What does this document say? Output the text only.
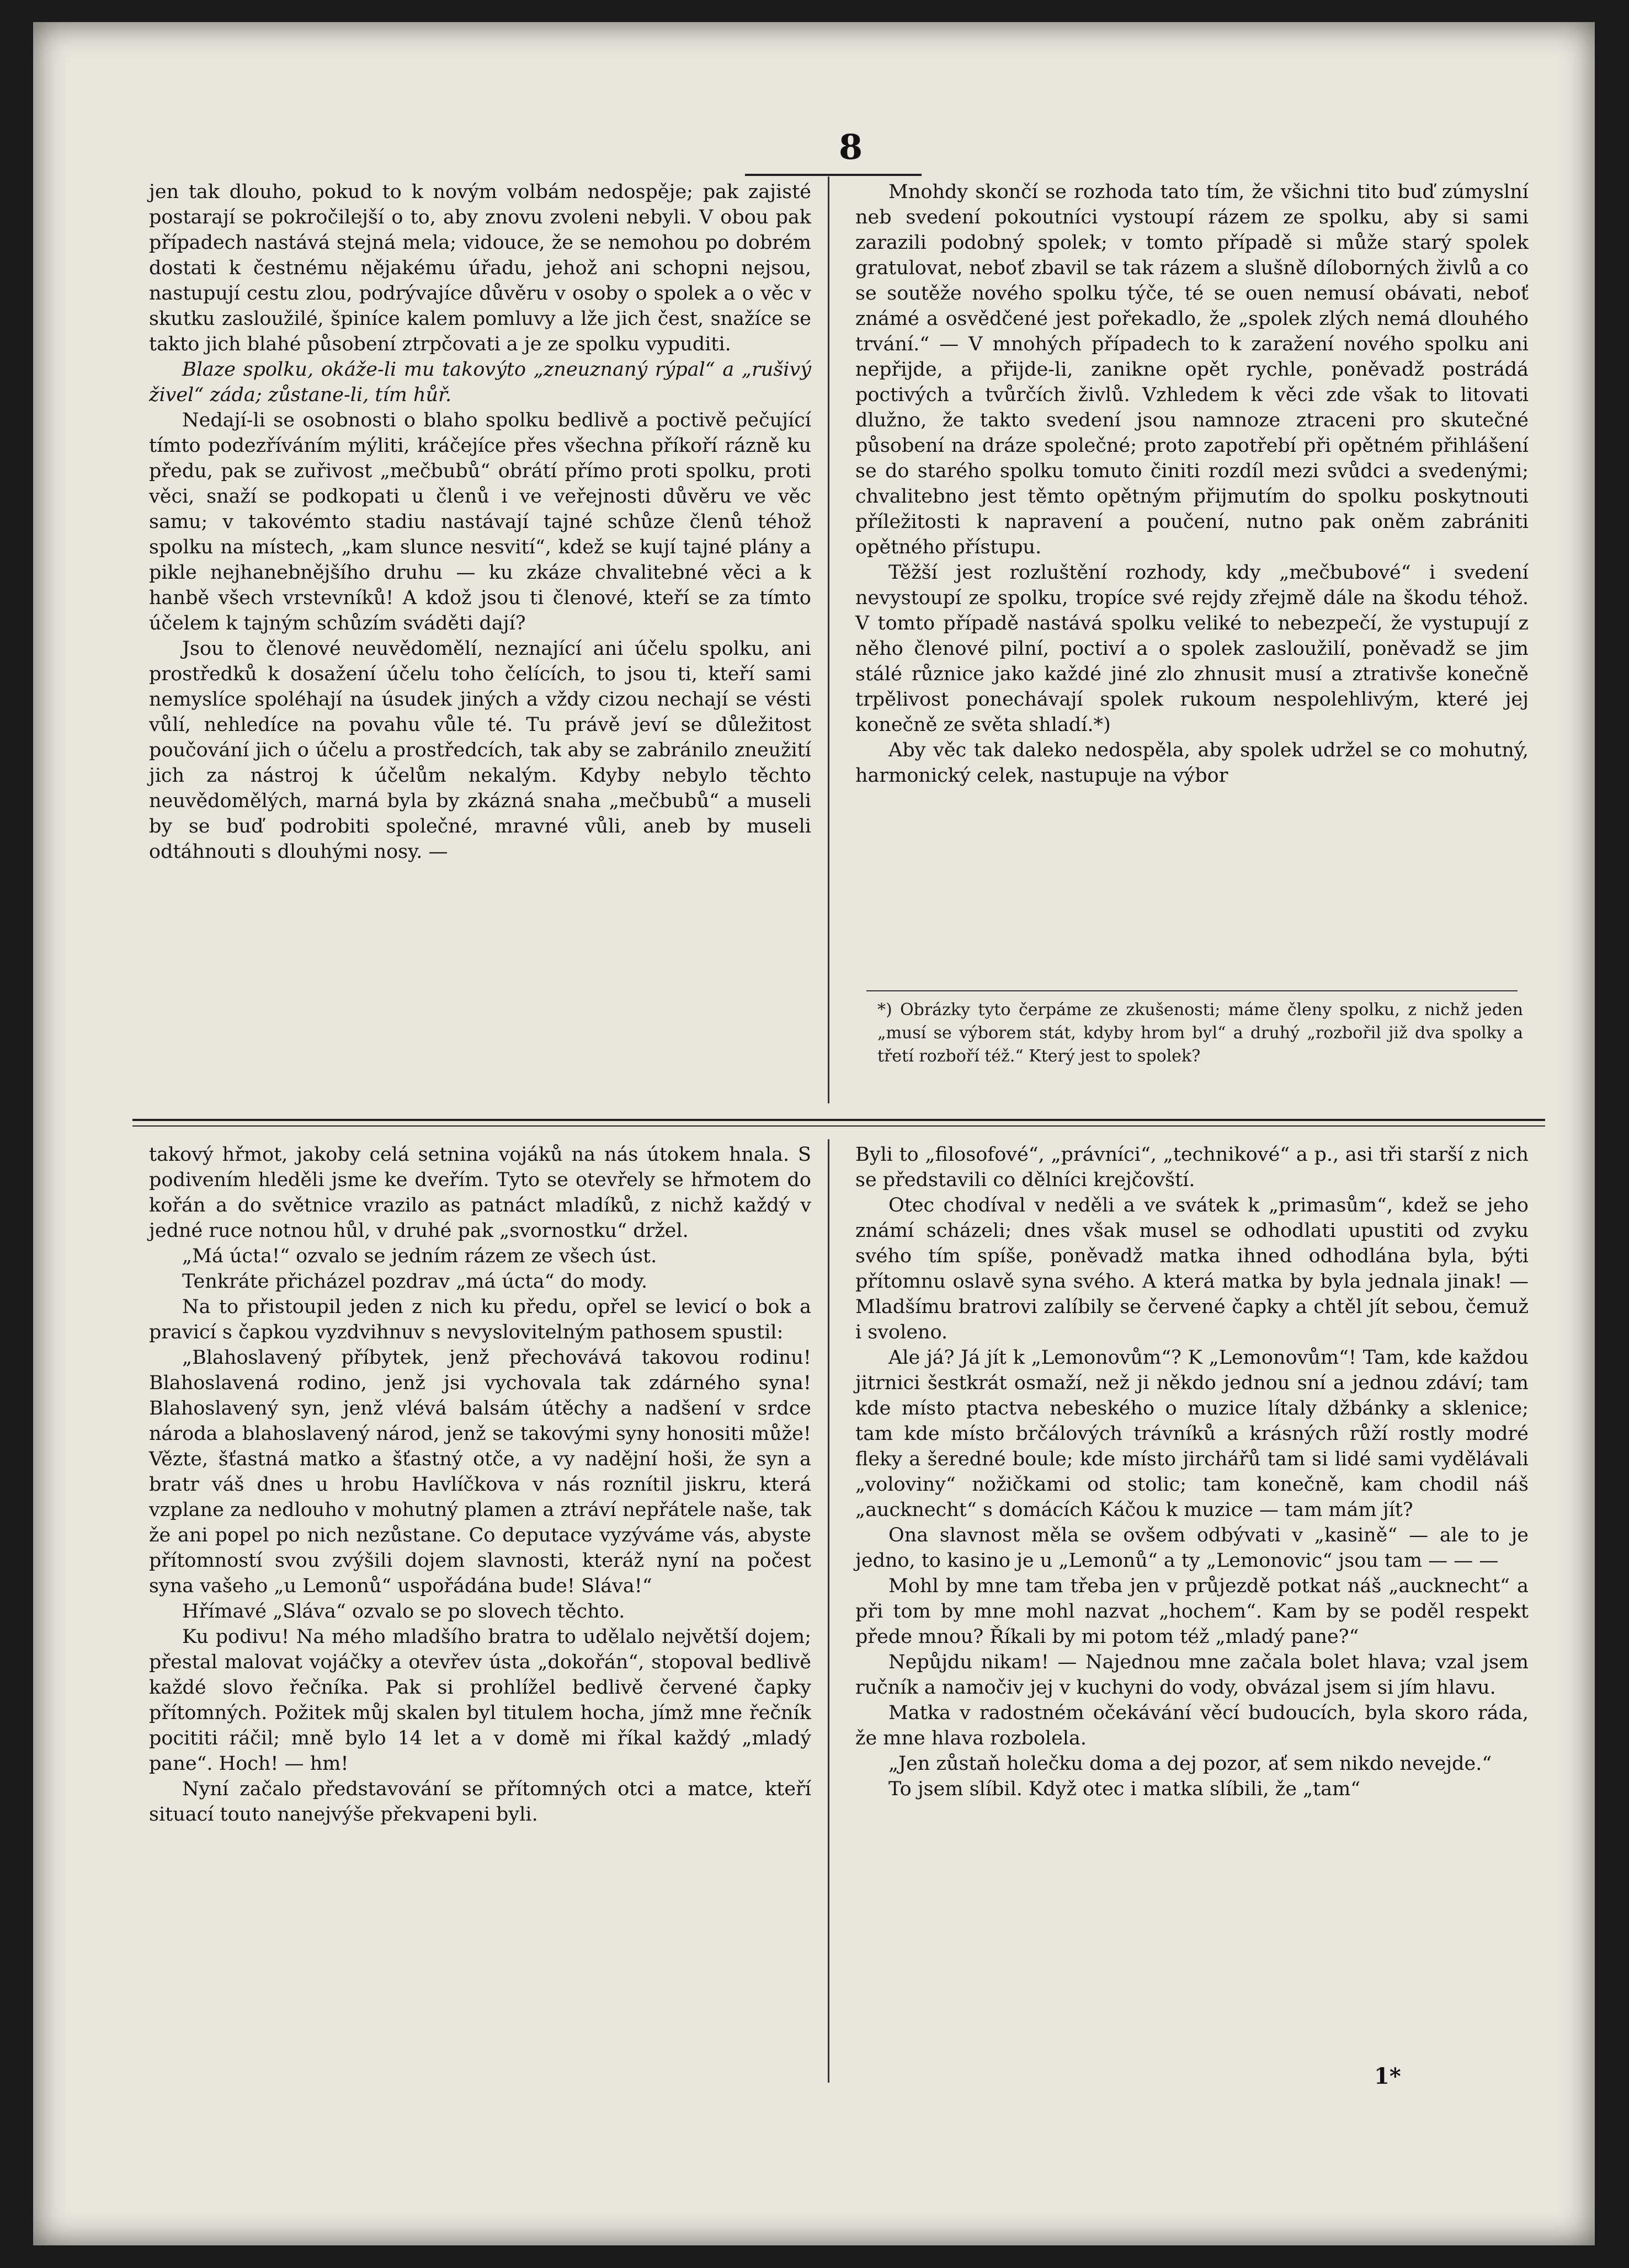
8

jen tak dlouho, pokud to k novým volbám nedospěje; pak zajisté postarají se pokročilejší o to, aby znovu zvoleni nebyli. V obou pak případech nastává stejná mela; vidouce, že se nemohou po dobrém dostati k čestnému nějakému úřadu, jehož ani schopni nejsou, nastupují cestu zlou, podrývajíce důvěru v osoby o spolek a o věc v skutku zasloužilé, špiníce kalem pomluvy a lže jich čest, snažíce se takto jich blahé působení ztrpčovati a je ze spolku vypuditi.

Blaze spolku, okáže-li mu takovýto „zneuznaný rýpal“ a „rušivý živel“ záda; zůstane-li, tím hůř.

Nedají-li se osobnosti o blaho spolku bedlivě a poctivě pečující tímto podezříváním mýliti, kráčejíce přes všechna příkoří rázně ku předu, pak se zuřivost „mečbubů“ obrátí přímo proti spolku, proti věci, snaží se podkopati u členů i ve veřejnosti důvěru ve věc samu; v takovémto stadiu nastávají tajné schůze členů téhož spolku na místech, „kam slunce nesvití“, kdež se kují tajné plány a pikle nejhanebnějšího druhu — ku zkáze chvalitebné věci a k hanbě všech vrstevníků! A kdož jsou ti členové, kteří se za tímto účelem k tajným schůzím sváděti dají?

Jsou to členové neuvědomělí, neznající ani účelu spolku, ani prostředků k dosažení účelu toho čelících, to jsou ti, kteří sami nemyslíce spoléhají na úsudek jiných a vždy cizou nechají se vésti vůlí, nehledíce na povahu vůle té. Tu právě jeví se důležitost poučování jich o účelu a prostředcích, tak aby se zabránilo zneužití jich za nástroj k účelům nekalým. Kdyby nebylo těchto neuvědomělých, marná byla by zkázná snaha „mečbubů“ a museli by se buď podrobiti společné, mravné vůli, aneb by museli odtáhnouti s dlouhými nosy. —

Mnohdy skončí se rozhoda tato tím, že všichni tito buď zúmyslní neb svedení pokoutníci vystoupí rázem ze spolku, aby si sami zarazili podobný spolek; v tomto případě si může starý spolek gratulovat, neboť zbavil se tak rázem a slušně díloborných živlů a co se soutěže nového spolku týče, té se ouen nemusí obávati, neboť známé a osvědčené jest pořekadlo, že „spolek zlých nemá dlouhého trvání.“ — V mnohých případech to k zaražení nového spolku ani nepřijde, a přijde-li, zanikne opět rychle, poněvadž postrádá poctivých a tvůrčích živlů. Vzhledem k věci zde však to litovati dlužno, že takto svedení jsou namnoze ztraceni pro skutečné působení na dráze společné; proto zapotřebí při opětném přihlášení se do starého spolku tomuto činiti rozdíl mezi svůdci a svedenými; chvalitebno jest těmto opětným přijmutím do spolku poskytnouti příležitosti k napravení a poučení, nutno pak oněm zabrániti opětného přístupu.

Těžší jest rozluštění rozhody, kdy „mečbubové“ i svedení nevystoupí ze spolku, tropíce své rejdy zřejmě dále na škodu téhož. V tomto případě nastává spolku veliké to nebezpečí, že vystupují z něho členové pilní, poctiví a o spolek zasloužilí, poněvadž se jim stálé různice jako každé jiné zlo zhnusit musí a ztrativše konečně trpělivost ponechávají spolek rukoum nespolehlivým, které jej konečně ze světa shladí.*)

Aby věc tak daleko nedospěla, aby spolek udržel se co mohutný, harmonický celek, nastupuje na výbor

*) Obrázky tyto čerpáme ze zkušenosti; máme členy spolku, z nichž jeden „musí se výborem stát, kdyby hrom byl“ a druhý „rozbořil již dva spolky a třetí rozboří též.“ Který jest to spolek?

takový hřmot, jakoby celá setnina vojáků na nás útokem hnala. S podivením hleděli jsme ke dveřím. Tyto se otevřely se hřmotem do kořán a do světnice vrazilo as patnáct mladíků, z nichž každý v jedné ruce notnou hůl, v druhé pak „svornostku“ držel.

„Má úcta!“ ozvalo se jedním rázem ze všech úst.

Tenkráte přicházel pozdrav „má úcta“ do mody.

Na to přistoupil jeden z nich ku předu, opřel se levicí o bok a pravicí s čapkou vyzdvihnuv s nevyslovitelným pathosem spustil:

„Blahoslavený příbytek, jenž přechovává takovou rodinu! Blahoslavená rodino, jenž jsi vychovala tak zdárného syna! Blahoslavený syn, jenž vlévá balsám útěchy a nadšení v srdce národa a blahoslavený národ, jenž se takovými syny honositi může! Vězte, šťastná matko a šťastný otče, a vy nadějní hoši, že syn a bratr váš dnes u hrobu Havlíčkova v nás roznítil jiskru, která vzplane za nedlouho v mohutný plamen a ztráví nepřátele naše, tak že ani popel po nich nezůstane. Co deputace vyzýváme vás, abyste přítomností svou zvýšili dojem slavnosti, kteráž nyní na počest syna vašeho „u Lemonů“ uspořádána bude! Sláva!“

Hřímavé „Sláva“ ozvalo se po slovech těchto.

Ku podivu! Na mého mladšího bratra to udělalo největší dojem; přestal malovat vojáčky a otevřev ústa „dokořán“, stopoval bedlivě každé slovo řečníka. Pak si prohlížel bedlivě červené čapky přítomných. Požitek můj skalen byl titulem hocha, jímž mne řečník pocititi ráčil; mně bylo 14 let a v domě mi říkal každý „mladý pane“. Hoch! — hm!

Nyní začalo představování se přítomných otci a matce, kteří situací touto nanejvýše překvapeni byli.

Byli to „filosofové“, „právníci“, „technikové“ a p., asi tři starší z nich se představili co dělníci krejčovští.

Otec chodíval v neděli a ve svátek k „primasům“, kdež se jeho známí scházeli; dnes však musel se odhodlati upustiti od zvyku svého tím spíše, poněvadž matka ihned odhodlána byla, býti přítomnu oslavě syna svého. A která matka by byla jednala jinak! — Mladšímu bratrovi zalíbily se červené čapky a chtěl jít sebou, čemuž i svoleno.

Ale já? Já jít k „Lemonovům“? K „Lemonovům“! Tam, kde každou jitrnici šestkrát osmaží, než ji někdo jednou sní a jednou zdáví; tam kde místo ptactva nebeského o muzice lítaly džbánky a sklenice; tam kde místo brčálových trávníků a krásných růží rostly modré fleky a šeredné boule; kde místo jirchářů tam si lidé sami vydělávali „voloviny“ nožičkami od stolic; tam konečně, kam chodil náš „aucknecht“ s domácích Káčou k muzice — tam mám jít?

Ona slavnost měla se ovšem odbývati v „kasině“ — ale to je jedno, to kasino je u „Lemonů“ a ty „Lemonovic“ jsou tam — — —

Mohl by mne tam třeba jen v průjezdě potkat náš „aucknecht“ a při tom by mne mohl nazvat „hochem“. Kam by se poděl respekt přede mnou? Říkali by mi potom též „mladý pane?“

Nepůjdu nikam! — Najednou mne začala bolet hlava; vzal jsem ručník a namočiv jej v kuchyni do vody, obvázal jsem si jím hlavu.

Matka v radostném očekávání věcí budoucích, byla skoro ráda, že mne hlava rozbolela.

„Jen zůstaň holečku doma a dej pozor, ať sem nikdo nevejde.“

To jsem slíbil. Když otec i matka slíbili, že „tam“

1*
